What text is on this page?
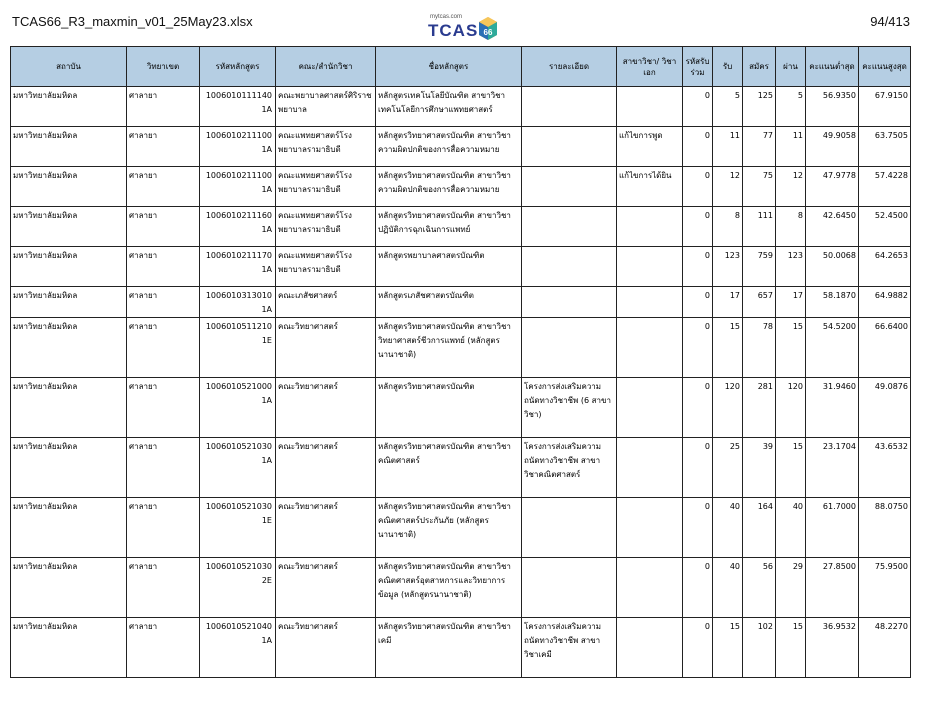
TCAS66_R3_maxmin_v01_25May23.xlsx	mytcas.com
TCAS 66
94/413
สถาบัน	วิทยาเขต	รหัสหลักสูตร	คณะ/สำนักวิชา	ชื่อหลักสูตร	รายละเอียด	สาขาวิชา/ วิชาเอก	รหัสรับ ร่วม	รับ	สมัคร	ผ่าน	คะแนนต่ำสุด	คะแนนสูงสุด
มหาวิทยาลัยมหิดล	ศาลายา	10060101111401A	คณะพยาบาลศาสตร์ศิริราชพยาบาล	หลักสูตรเทคโนโลยีบัณฑิต สาขาวิชาเทคโนโลยีการศึกษาแพทยศาสตร์			0	5	125	5	56.9350	67.9150
มหาวิทยาลัยมหิดล	ศาลายา	10060102111001A	คณะแพทยศาสตร์โรงพยาบาลรามาธิบดี	หลักสูตรวิทยาศาสตรบัณฑิต สาขาวิชาความผิดปกติของการสื่อความหมาย		แก้ไขการพูด	0	11	77	11	49.9058	63.7505
มหาวิทยาลัยมหิดล	ศาลายา	10060102111001A	คณะแพทยศาสตร์โรงพยาบาลรามาธิบดี	หลักสูตรวิทยาศาสตรบัณฑิต สาขาวิชาความผิดปกติของการสื่อความหมาย		แก้ไขการได้ยิน	0	12	75	12	47.9778	57.4228
มหาวิทยาลัยมหิดล	ศาลายา	10060102111601A	คณะแพทยศาสตร์โรงพยาบาลรามาธิบดี	หลักสูตรวิทยาศาสตรบัณฑิต สาขาวิชาปฏิบัติการฉุกเฉินการแพทย์			0	8	111	8	42.6450	52.4500
มหาวิทยาลัยมหิดล	ศาลายา	10060102111701A	คณะแพทยศาสตร์โรงพยาบาลรามาธิบดี	หลักสูตรพยาบาลศาสตรบัณฑิต			0	123	759	123	50.0068	64.2653
มหาวิทยาลัยมหิดล	ศาลายา	10060103130101A	คณะเภสัชศาสตร์	หลักสูตรเภสัชศาสตรบัณฑิต			0	17	657	17	58.1870	64.9882
มหาวิทยาลัยมหิดล	ศาลายา	10060105112101E	คณะวิทยาศาสตร์	หลักสูตรวิทยาศาสตรบัณฑิต สาขาวิชาวิทยาศาสตร์ชีวการแพทย์ (หลักสูตรนานาชาติ)			0	15	78	15	54.5200	66.6400
มหาวิทยาลัยมหิดล	ศาลายา	10060105210001A	คณะวิทยาศาสตร์	หลักสูตรวิทยาศาสตรบัณฑิต	โครงการส่งเสริมความถนัดทางวิชาชีพ (6 สาขาวิชา)		0	120	281	120	31.9460	49.0876
มหาวิทยาลัยมหิดล	ศาลายา	10060105210301A	คณะวิทยาศาสตร์	หลักสูตรวิทยาศาสตรบัณฑิต สาขาวิชาคณิตศาสตร์	โครงการส่งเสริมความถนัดทางวิชาชีพ สาขาวิชาคณิตศาสตร์		0	25	39	15	23.1704	43.6532
มหาวิทยาลัยมหิดล	ศาลายา	10060105210301E	คณะวิทยาศาสตร์	หลักสูตรวิทยาศาสตรบัณฑิต สาขาวิชาคณิตศาสตร์ประกันภัย (หลักสูตรนานาชาติ)			0	40	164	40	61.7000	88.0750
มหาวิทยาลัยมหิดล	ศาลายา	10060105210302E	คณะวิทยาศาสตร์	หลักสูตรวิทยาศาสตรบัณฑิต สาขาวิชาคณิตศาสตร์อุตสาหการและวิทยาการข้อมูล (หลักสูตรนานาชาติ)			0	40	56	29	27.8500	75.9500
มหาวิทยาลัยมหิดล	ศาลายา	10060105210401A	คณะวิทยาศาสตร์	หลักสูตรวิทยาศาสตรบัณฑิต สาขาวิชาเคมี	โครงการส่งเสริมความถนัดทางวิชาชีพ สาขาวิชาเคมี		0	15	102	15	36.9532	48.2270
